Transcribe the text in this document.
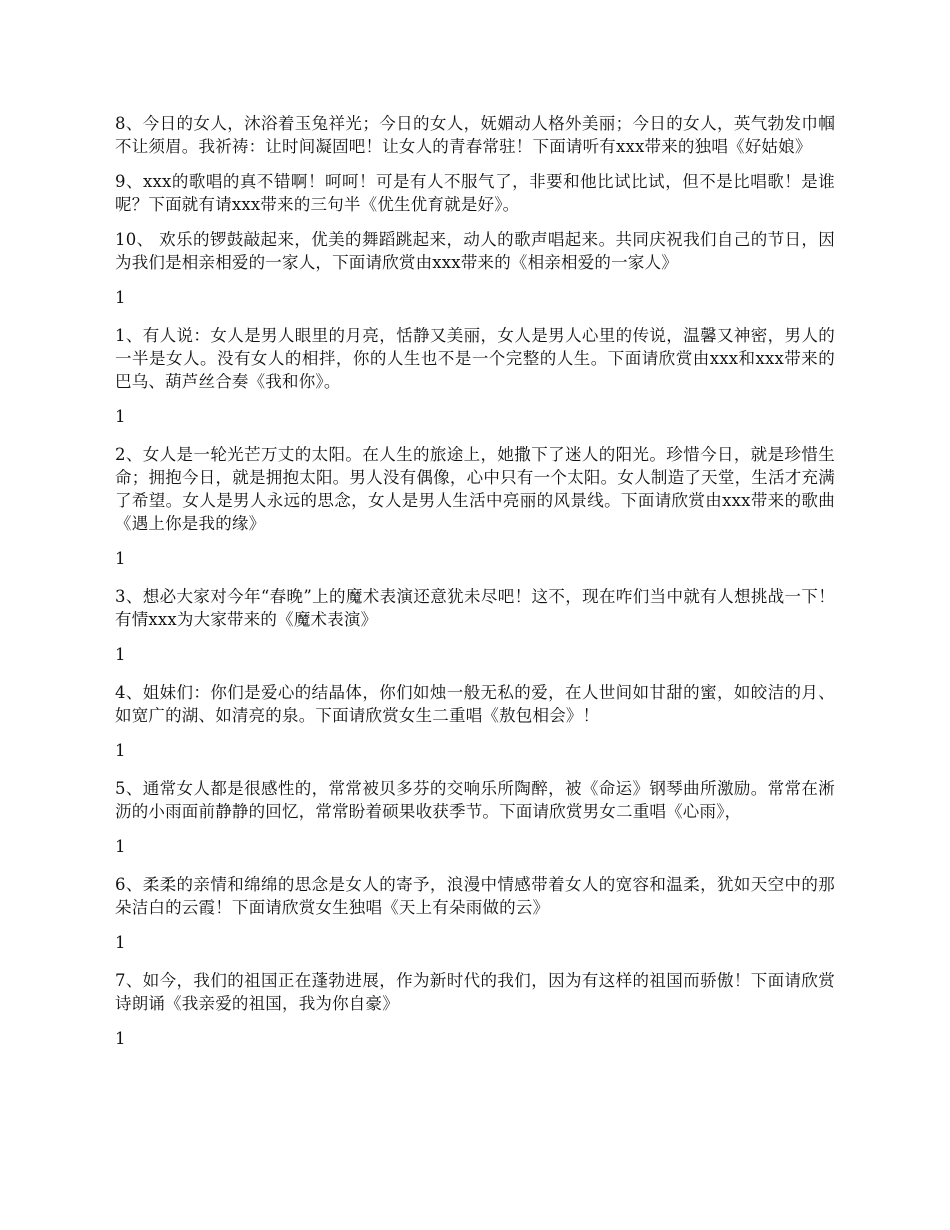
8、今日的女人，沐浴着玉兔祥光；今日的女人，妩媚动人格外美丽；今日的女人，英气勃发巾帼不让须眉。我祈祷：让时间凝固吧！让女人的青春常驻！下面请听有xxx带来的独唱《好姑娘》

9、xxx的歌唱的真不错啊！呵呵！可是有人不服气了，非要和他比试比试，但不是比唱歌！是谁呢？下面就有请xxx带来的三句半《优生优育就是好》。

10、 欢乐的锣鼓敲起来，优美的舞蹈跳起来，动人的歌声唱起来。共同庆祝我们自己的节日，因为我们是相亲相爱的一家人，下面请欣赏由xxx带来的《相亲相爱的一家人》

1

1、有人说：女人是男人眼里的月亮，恬静又美丽，女人是男人心里的传说，温馨又神密，男人的一半是女人。没有女人的相拌，你的人生也不是一个完整的人生。下面请欣赏由xxx和xxx带来的巴乌、葫芦丝合奏《我和你》。

1

2、女人是一轮光芒万丈的太阳。在人生的旅途上，她撒下了迷人的阳光。珍惜今日，就是珍惜生命；拥抱今日，就是拥抱太阳。男人没有偶像，心中只有一个太阳。女人制造了天堂，生活才充满了希望。女人是男人永远的思念，女人是男人生活中亮丽的风景线。下面请欣赏由xxx带来的歌曲《遇上你是我的缘》

1

3、想必大家对今年“春晚”上的魔术表演还意犹未尽吧！这不，现在咋们当中就有人想挑战一下！有情xxx为大家带来的《魔术表演》

1

4、姐妹们：你们是爱心的结晶体，你们如烛一般无私的爱，在人世间如甘甜的蜜，如皎洁的月、如宽广的湖、如清亮的泉。下面请欣赏女生二重唱《敖包相会》！

1

5、通常女人都是很感性的，常常被贝多芬的交响乐所陶醉，被《命运》钢琴曲所激励。常常在淅沥的小雨面前静静的回忆，常常盼着硕果收获季节。下面请欣赏男女二重唱《心雨》，

1

6、柔柔的亲情和绵绵的思念是女人的寄予，浪漫中情感带着女人的宽容和温柔，犹如天空中的那朵洁白的云霞！下面请欣赏女生独唱《天上有朵雨做的云》

1

7、如今，我们的祖国正在蓬勃进展，作为新时代的我们，因为有这样的祖国而骄傲！下面请欣赏诗朗诵《我亲爱的祖国，我为你自豪》

1
